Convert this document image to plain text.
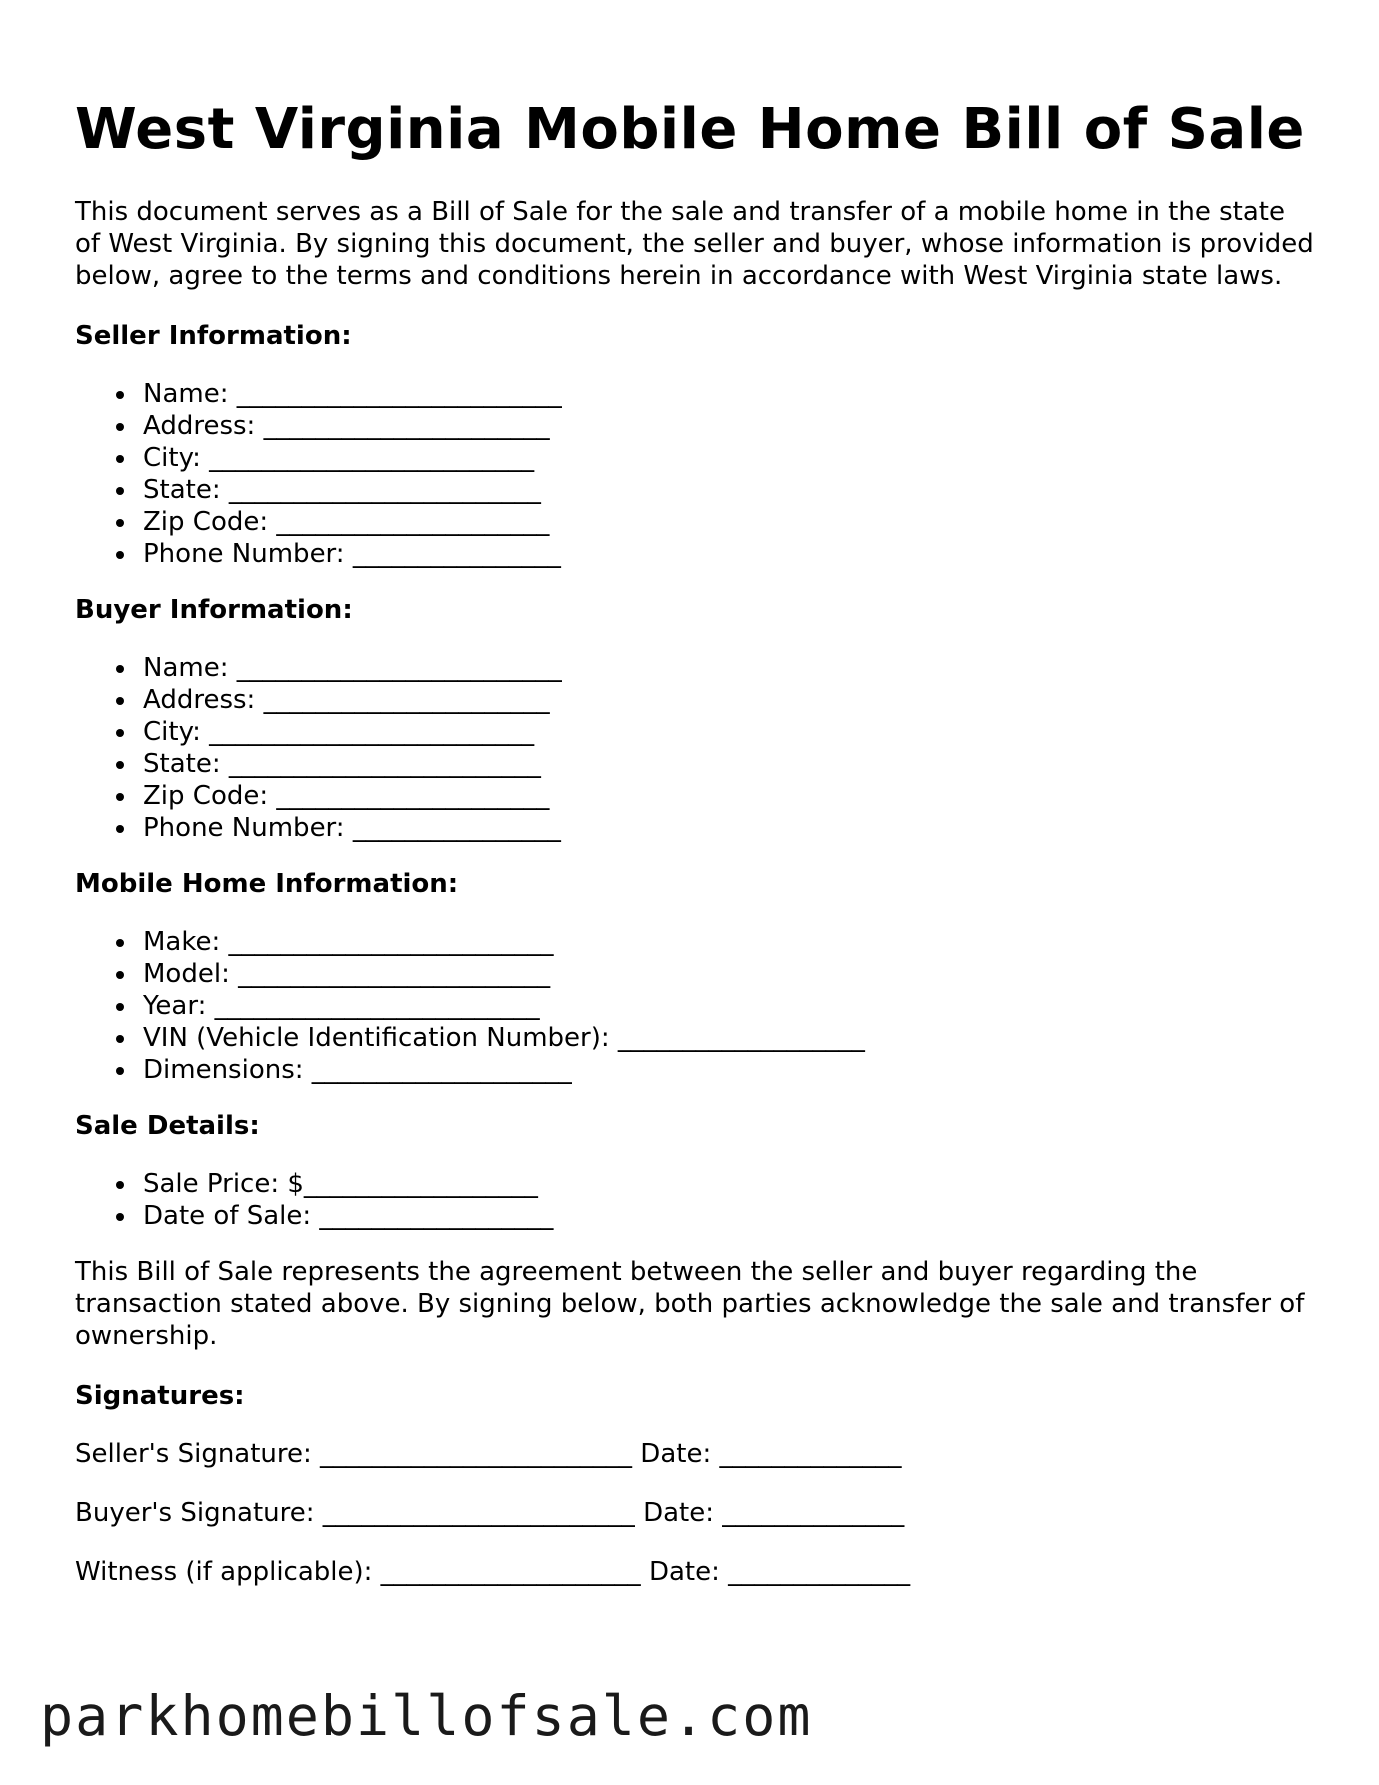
West Virginia Mobile Home Bill of Sale

This document serves as a Bill of Sale for the sale and transfer of a mobile home in the state of West Virginia. By signing this document, the seller and buyer, whose information is provided below, agree to the terms and conditions herein in accordance with West Virginia state laws.

Seller Information:
Name: _________________________
Address: ______________________
City: _________________________
State: ________________________
Zip Code: _____________________
Phone Number: ________________
Buyer Information:
Name: _________________________
Address: ______________________
City: _________________________
State: ________________________
Zip Code: _____________________
Phone Number: ________________
Mobile Home Information:
Make: _________________________
Model: ________________________
Year: _________________________
VIN (Vehicle Identification Number): ___________________
Dimensions: ____________________
Sale Details:
Sale Price: $__________________
Date of Sale: __________________

This Bill of Sale represents the agreement between the seller and buyer regarding the transaction stated above. By signing below, both parties acknowledge the sale and transfer of ownership.

Signatures:
Seller's Signature: ________________________ Date: ______________
Buyer's Signature: ________________________ Date: ______________
Witness (if applicable): ____________________ Date: ______________
parkhomebillofsale.com
